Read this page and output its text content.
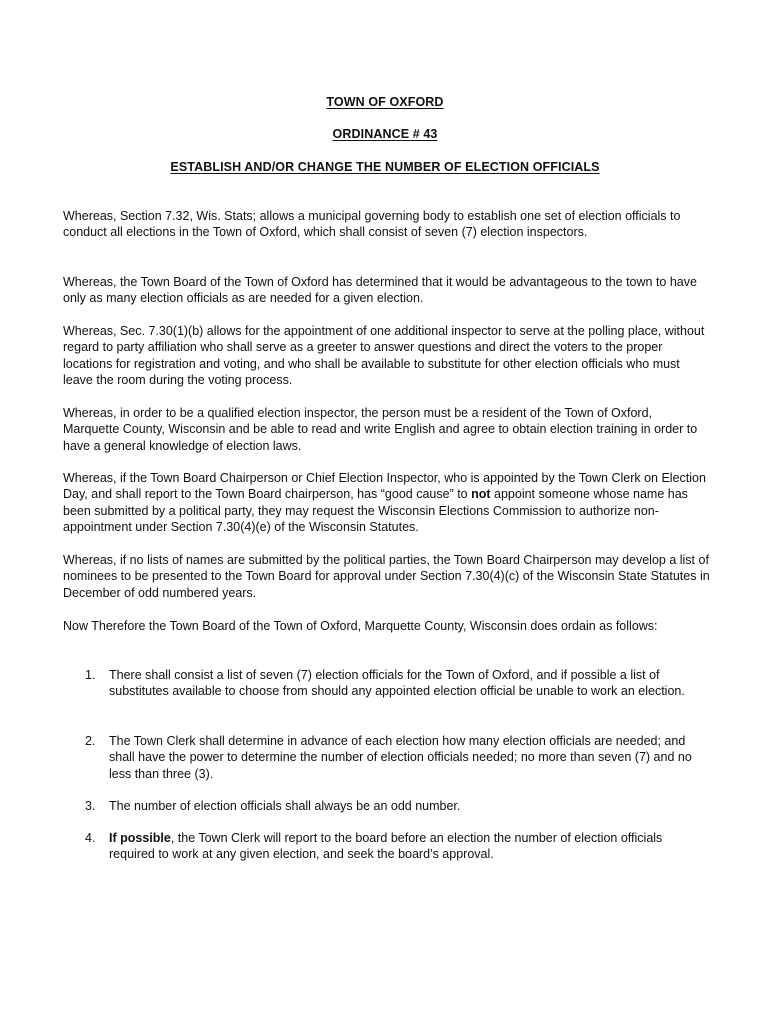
TOWN OF OXFORD
ORDINANCE # 43
ESTABLISH AND/OR CHANGE THE NUMBER OF ELECTION OFFICIALS

Whereas, Section 7.32, Wis. Stats; allows a municipal governing body to establish one set of election officials to conduct all elections in the Town of Oxford, which shall consist of seven (7) election inspectors.

Whereas, the Town Board of the Town of Oxford has determined that it would be advantageous to the town to have only as many election officials as are needed for a given election.

Whereas, Sec. 7.30(1)(b) allows for the appointment of one additional inspector to serve at the polling place, without regard to party affiliation who shall serve as a greeter to answer questions and direct the voters to the proper locations for registration and voting, and who shall be available to substitute for other election officials who must leave the room during the voting process.

Whereas, in order to be a qualified election inspector, the person must be a resident of the Town of Oxford, Marquette County, Wisconsin and be able to read and write English and agree to obtain election training in order to have a general knowledge of election laws.

Whereas, if the Town Board Chairperson or Chief Election Inspector, who is appointed by the Town Clerk on Election Day, and shall report to the Town Board chairperson, has “good cause” to not appoint someone whose name has been submitted by a political party, they may request the Wisconsin Elections Commission to authorize non-appointment under Section 7.30(4)(e) of the Wisconsin Statutes.

Whereas, if no lists of names are submitted by the political parties, the Town Board Chairperson may develop a list of nominees to be presented to the Town Board for approval under Section 7.30(4)(c) of the Wisconsin State Statutes in December of odd numbered years.

Now Therefore the Town Board of the Town of Oxford, Marquette County, Wisconsin does ordain as follows:

1.	There shall consist a list of seven (7) election officials for the Town of Oxford, and if possible a list of substitutes available to choose from should any appointed election official be unable to work an election.
2.	The Town Clerk shall determine in advance of each election how many election officials are needed; and shall have the power to determine the number of election officials needed; no more than seven (7) and no less than three (3).
3.	The number of election officials shall always be an odd number.
4.	If possible, the Town Clerk will report to the board before an election the number of election officials required to work at any given election, and seek the board’s approval.
